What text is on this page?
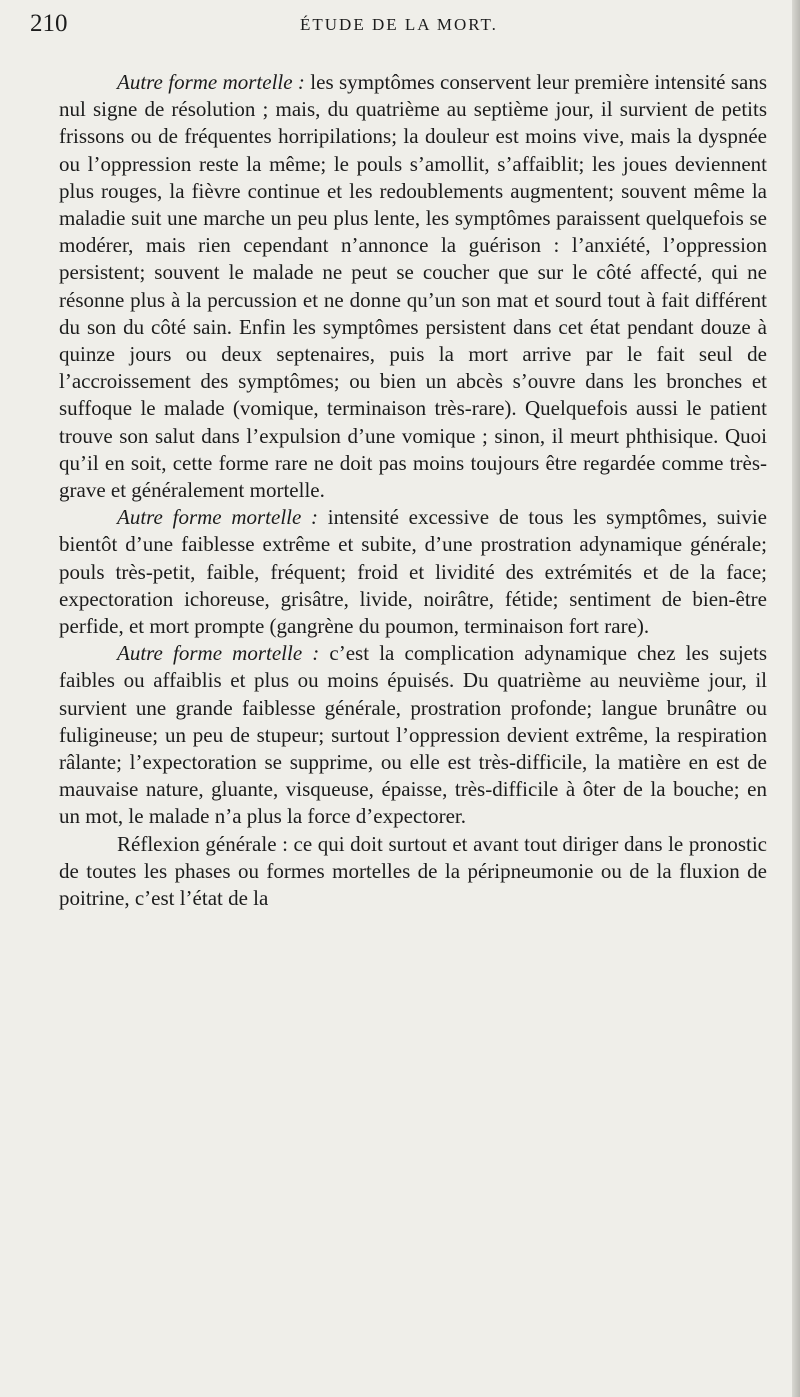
210	ÉTUDE DE LA MORT.

Autre forme mortelle : les symptômes conservent leur première intensité sans nul signe de résolution ; mais, du quatrième au septième jour, il survient de petits frissons ou de fréquentes horripilations; la douleur est moins vive, mais la dyspnée ou l’oppression reste la même; le pouls s’amollit, s’affaiblit; les joues deviennent plus rouges, la fièvre continue et les redoublements augmentent; souvent même la maladie suit une marche un peu plus lente, les symptômes paraissent quelquefois se modérer, mais rien cependant n’annonce la guérison : l’anxiété, l’oppression persistent; souvent le malade ne peut se coucher que sur le côté affecté, qui ne résonne plus à la percussion et ne donne qu’un son mat et sourd tout à fait différent du son du côté sain. Enfin les symptômes persistent dans cet état pendant douze à quinze jours ou deux septenaires, puis la mort arrive par le fait seul de l’accroissement des symptômes; ou bien un abcès s’ouvre dans les bronches et suffoque le malade (vomique, terminaison très-rare). Quelquefois aussi le patient trouve son salut dans l’expulsion d’une vomique ; sinon, il meurt phthisique. Quoi qu’il en soit, cette forme rare ne doit pas moins toujours être regardée comme très-grave et généralement mortelle.

Autre forme mortelle : intensité excessive de tous les symptômes, suivie bientôt d’une faiblesse extrême et subite, d’une prostration adynamique générale; pouls très-petit, faible, fréquent; froid et lividité des extrémités et de la face; expectoration ichoreuse, grisâtre, livide, noirâtre, fétide; sentiment de bien-être perfide, et mort prompte (gangrène du poumon, terminaison fort rare).

Autre forme mortelle : c’est la complication adynamique chez les sujets faibles ou affaiblis et plus ou moins épuisés. Du quatrième au neuvième jour, il survient une grande faiblesse générale, prostration profonde; langue brunâtre ou fuligineuse; un peu de stupeur; surtout l’oppression devient extrême, la respiration râlante; l’expectoration se supprime, ou elle est très-difficile, la matière en est de mauvaise nature, gluante, visqueuse, épaisse, très-difficile à ôter de la bouche; en un mot, le malade n’a plus la force d’expectorer.

Réflexion générale : ce qui doit surtout et avant tout diriger dans le pronostic de toutes les phases ou formes mortelles de la péripneumonie ou de la fluxion de poitrine, c’est l’état de la
